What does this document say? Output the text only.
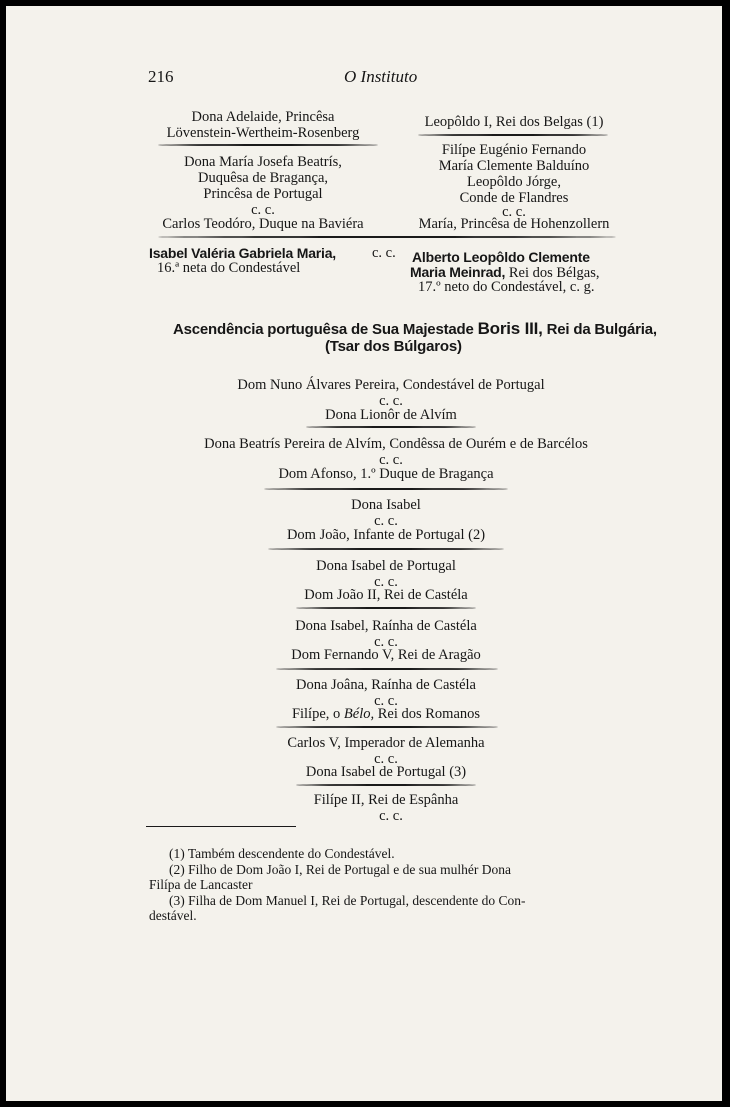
216	O Instituto
Dona Adelaide, Princêsa
Lövenstein-Wertheim-Rosenberg
Dona María Josefa Beatrís,
Duquêsa de Bragança,
Princêsa de Portugal
c. c.
Carlos Teodóro, Duque na Baviéra
Leopôldo I, Rei dos Belgas (1)
Filípe Eugénio Fernando
María Clemente Balduíno
Leopôldo Jórge,
Conde de Flandres
c. c.
María, Princêsa de Hohenzollern
Isabel Valéria Gabriela Maria,
16.ª neta do Condestável
c. c. Alberto Leopôldo Clemente
Maria Meinrad, Rei dos Bélgas,
17.º neto do Condestável, c. g.
Ascendência portuguêsa de Sua Majestade Boris III, Rei da Bulgária,
(Tsar dos Búlgaros)
Dom Nuno Álvares Pereira, Condestável de Portugal
c. c.
Dona Lionôr de Alvím
Dona Beatrís Pereira de Alvím, Condêssa de Ourém e de Barcélos
c. c.
Dom Afonso, 1.º Duque de Bragança
Dona Isabel
c. c.
Dom João, Infante de Portugal (2)
Dona Isabel de Portugal
c. c.
Dom João II, Rei de Castéla
Dona Isabel, Raínha de Castéla
c. c.
Dom Fernando V, Rei de Aragão
Dona Joâna, Raínha de Castéla
c. c.
Filípe, o Bélo, Rei dos Romanos
Carlos V, Imperador de Alemanha
c. c.
Dona Isabel de Portugal (3)
Filípe II, Rei de Espânha
c. c.
(1) Também descendente do Condestável.
(2) Filho de Dom João I, Rei de Portugal e de sua mulhér Dona
Filípa de Lancaster
(3) Filha de Dom Manuel I, Rei de Portugal, descendente do Con-
destável.
